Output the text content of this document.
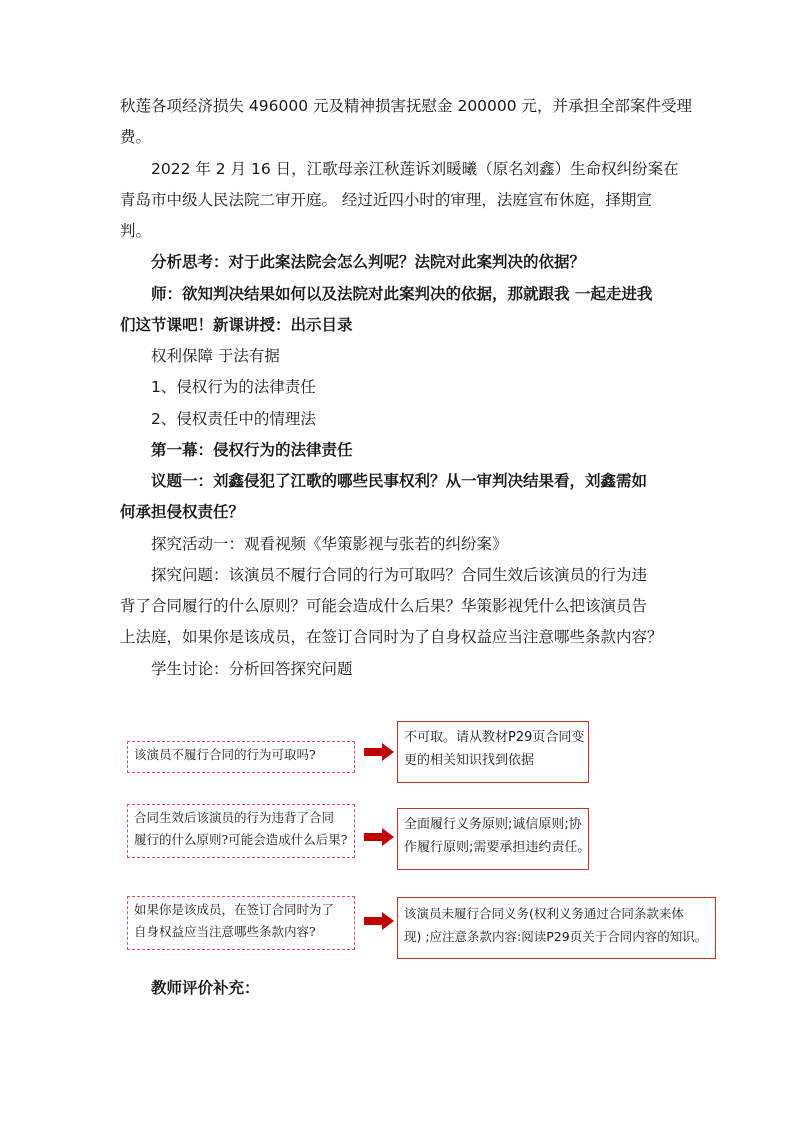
秋莲各项经济损失 496000 元及精神损害抚慰金 200000 元，并承担全部案件受理
费。
2022 年 2 月 16 日，江歌母亲江秋莲诉刘暖曦（原名刘鑫）生命权纠纷案在
青岛市中级人民法院二审开庭。 经过近四小时的审理，法庭宣布休庭，择期宣
判。
分析思考：对于此案法院会怎么判呢？法院对此案判决的依据？
师：欲知判决结果如何以及法院对此案判决的依据，那就跟我 一起走进我
们这节课吧！新课讲授：出示目录
权利保障 于法有据
1、侵权行为的法律责任
2、侵权责任中的情理法
第一幕：侵权行为的法律责任
议题一：刘鑫侵犯了江歌的哪些民事权利？从一审判决结果看，刘鑫需如
何承担侵权责任？
探究活动一：观看视频《华策影视与张若的纠纷案》
探究问题：该演员不履行合同的行为可取吗？合同生效后该演员的行为违
背了合同履行的什么原则？可能会造成什么后果？华策影视凭什么把该演员告
上法庭，如果你是该成员，在签订合同时为了自身权益应当注意哪些条款内容？
学生讨论：分析回答探究问题
该演员不履行合同的行为可取吗?
不可取。请从教材P29页合同变
更的相关知识找到依据
合同生效后该演员的行为违背了合同
履行的什么原则?可能会造成什么后果?
全面履行义务原则;诚信原则;协
作履行原则;需要承担违约责任。
如果你是该成员，在签订合同时为了
自身权益应当注意哪些条款内容?
该演员未履行合同义务(权利义务通过合同条款来体
现) ;应注意条款内容:阅读P29页关于合同内容的知识。
教师评价补充：
